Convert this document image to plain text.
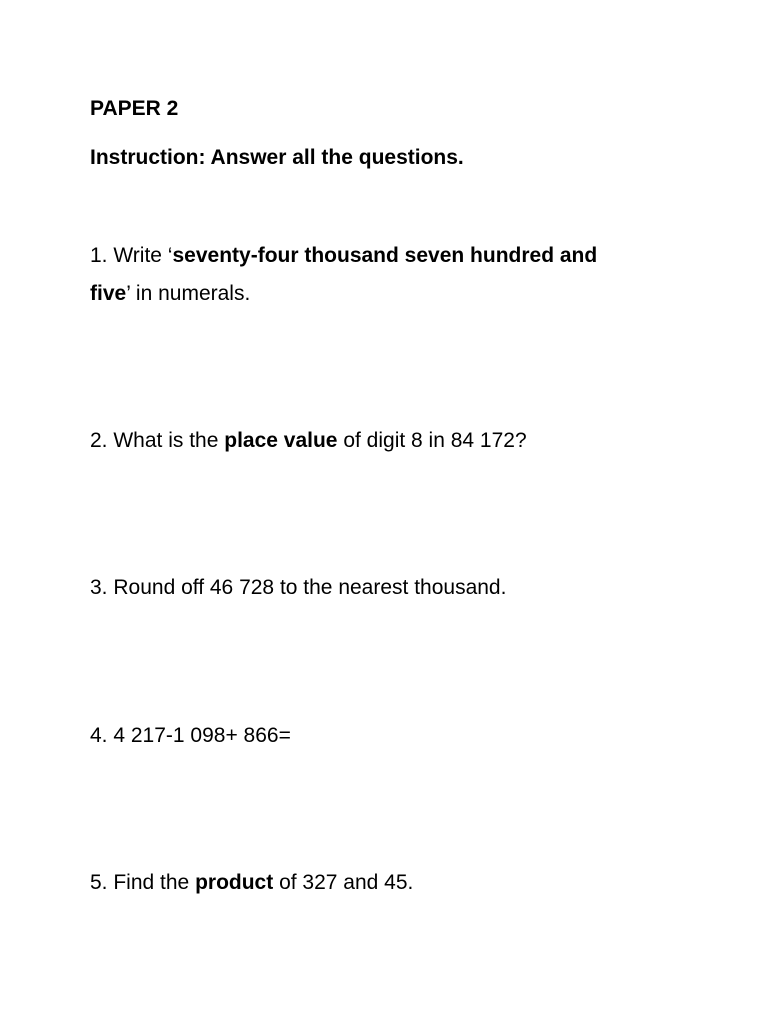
PAPER 2
Instruction: Answer all the questions.
1. Write ‘seventy-four thousand seven hundred and
five’ in numerals.
2. What is the place value of digit 8 in 84 172?
3. Round off 46 728 to the nearest thousand.
4. 4 217-1 098+ 866=
5. Find the product of 327 and 45.
